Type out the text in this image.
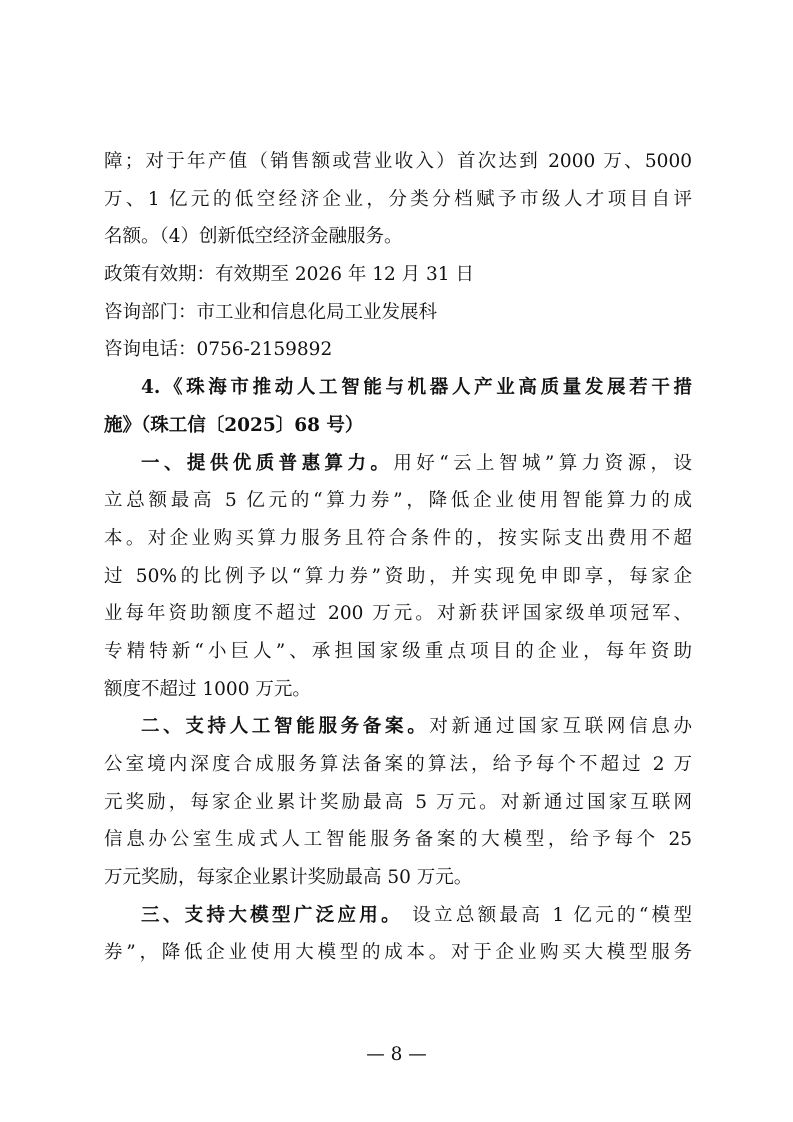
障；对于年产值（销售额或营业收入）首次达到 2000 万、5000
万、1 亿元的低空经济企业，分类分档赋予市级人才项目自评
名额。（4）创新低空经济金融服务。
政策有效期：有效期至 2026 年 12 月 31 日
咨询部门：市工业和信息化局工业发展科
咨询电话：0756-2159892
4.《珠海市推动人工智能与机器人产业高质量发展若干措
施》（珠工信〔2025〕68 号）
一、提供优质普惠算力。用好“云上智城”算力资源，设
立总额最高 5 亿元的“算力券”，降低企业使用智能算力的成
本。对企业购买算力服务且符合条件的，按实际支出费用不超
过 50%的比例予以“算力券”资助，并实现免申即享，每家企
业每年资助额度不超过 200 万元。对新获评国家级单项冠军、
专精特新“小巨人”、承担国家级重点项目的企业，每年资助
额度不超过 1000 万元。
二、支持人工智能服务备案。对新通过国家互联网信息办
公室境内深度合成服务算法备案的算法，给予每个不超过 2 万
元奖励，每家企业累计奖励最高 5 万元。对新通过国家互联网
信息办公室生成式人工智能服务备案的大模型，给予每个 25
万元奖励，每家企业累计奖励最高 50 万元。
三、支持大模型广泛应用。 设立总额最高 1 亿元的“模型
券”，降低企业使用大模型的成本。对于企业购买大模型服务
— 8 —
